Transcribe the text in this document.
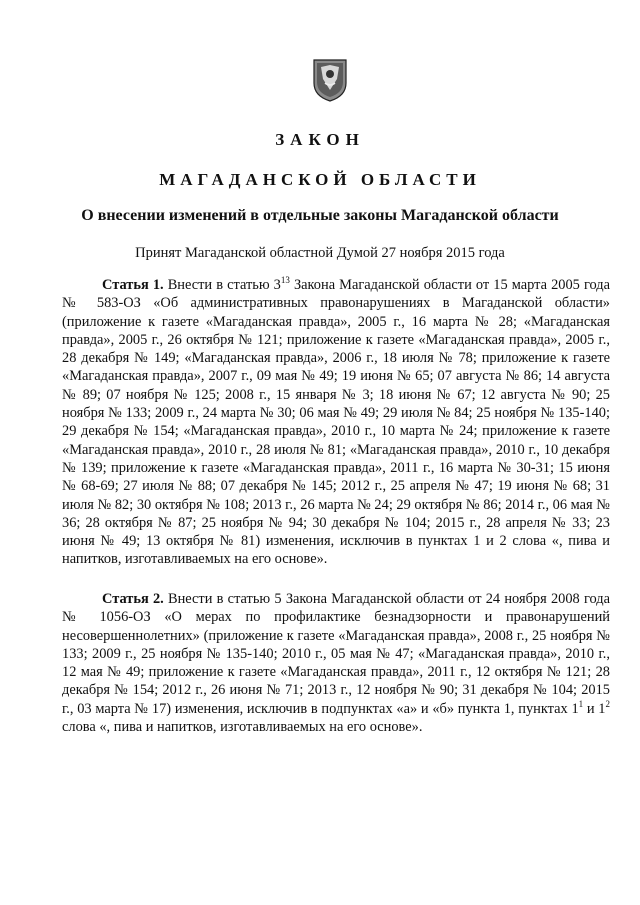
ЗАКОН
МАГАДАНСКОЙ ОБЛАСТИ
О внесении изменений в отдельные законы Магаданской области
Принят Магаданской областной Думой 27 ноября 2015 года

Статья 1. Внести в статью $3^{13}$ Закона Магаданской области от 15 марта 2005 года № 583-ОЗ «Об административных правонарушениях в Магаданской области» (приложение к газете «Магаданская правда», 2005 г., 16 марта № 28; «Магаданская правда», 2005 г., 26 октября № 121; приложение к газете «Магаданская правда», 2005 г., 28 декабря № 149; «Магаданская правда», 2006 г., 18 июля № 78; приложение к газете «Магаданская правда», 2007 г., 09 мая № 49; 19 июня № 65; 07 августа № 86; 14 августа № 89; 07 ноября № 125; 2008 г., 15 января № 3; 18 июня № 67; 12 августа № 90; 25 ноября № 133; 2009 г., 24 марта № 30; 06 мая № 49; 29 июля № 84; 25 ноября № 135-140; 29 декабря № 154; «Магаданская правда», 2010 г., 10 марта № 24; приложение к газете «Магаданская правда», 2010 г., 28 июля № 81; «Магаданская правда», 2010 г., 10 декабря № 139; приложение к газете «Магаданская правда», 2011 г., 16 марта № 30-31; 15 июня № 68-69; 27 июля № 88; 07 декабря № 145; 2012 г., 25 апреля № 47; 19 июня № 68; 31 июля № 82; 30 октября № 108; 2013 г., 26 марта № 24; 29 октября № 86; 2014 г., 06 мая № 36; 28 октября № 87; 25 ноября № 94; 30 декабря № 104; 2015 г., 28 апреля № 33; 23 июня № 49; 13 октября № 81) изменения, исключив в пунктах 1 и 2 слова «, пива и напитков, изготавливаемых на его основе».

Статья 2. Внести в статью 5 Закона Магаданской области от 24 ноября 2008 года № 1056-ОЗ «О мерах по профилактике безнадзорности и правонарушений несовершеннолетних» (приложение к газете «Магаданская правда», 2008 г., 25 ноября № 133; 2009 г., 25 ноября № 135-140; 2010 г., 05 мая № 47; «Магаданская правда», 2010 г., 12 мая № 49; приложение к газете «Магаданская правда», 2011 г., 12 октября № 121; 28 декабря № 154; 2012 г., 26 июня № 71; 2013 г., 12 ноября № 90; 31 декабря № 104; 2015 г., 03 марта № 17) изменения, исключив в подпунктах «а» и «б» пункта 1, пунктах $1^1$ и $1^2$ слова «, пива и напитков, изготавливаемых на его основе».
